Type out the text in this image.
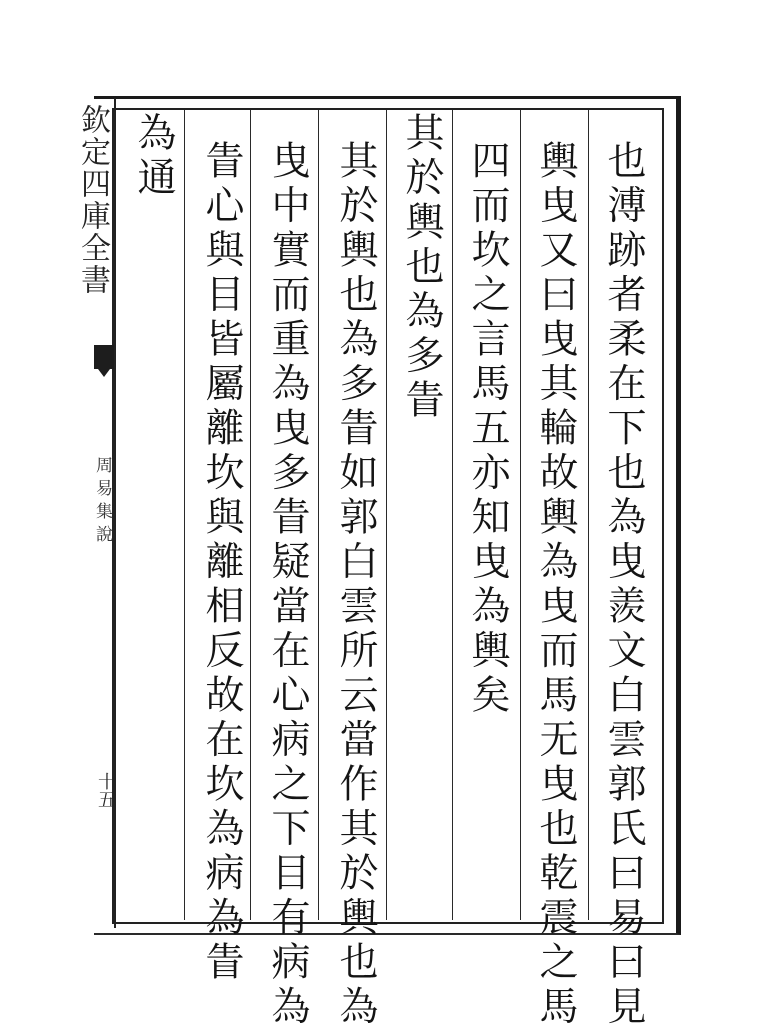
欽定四庫全書
周易集說
十五	也溥跡者柔在下也為曳羨文白雲郭氏曰易曰見
輿曳又曰曳其輪故輿為曳而馬无曳也乾震之馬
四而坎之言馬五亦知曳為輿矣
其於輿也為多眚
其於輿也為多眚如郭白雲所云當作其於輿也為
曳中實而重為曳多眚疑當在心病之下目有病為
眚心與目皆屬離坎與離相反故在坎為病為眚
為通
